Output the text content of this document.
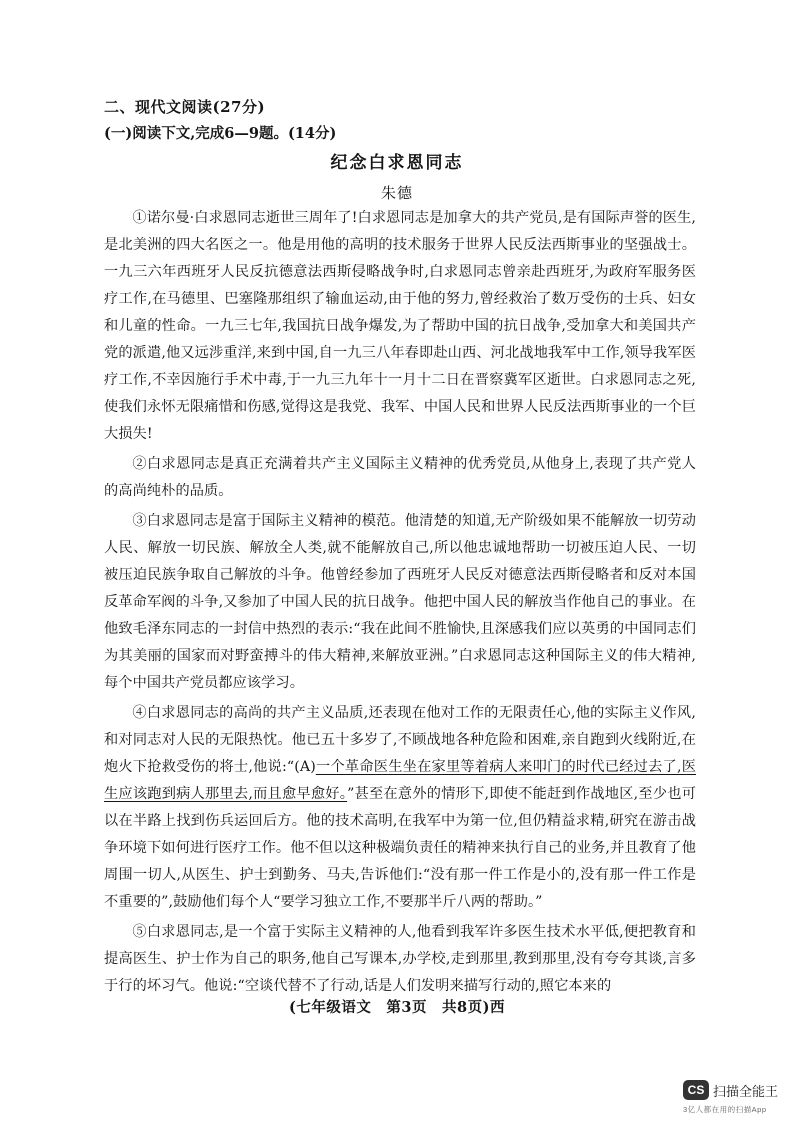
二、现代文阅读(27分)
(一)阅读下文,完成6—9题。(14分)
纪念白求恩同志
朱德

①诺尔曼·白求恩同志逝世三周年了!白求恩同志是加拿大的共产党员,是有国际声誉的医生,是北美洲的四大名医之一。他是用他的高明的技术服务于世界人民反法西斯事业的坚强战士。一九三六年西班牙人民反抗德意法西斯侵略战争时,白求恩同志曾亲赴西班牙,为政府军服务医疗工作,在马德里、巴塞隆那组织了输血运动,由于他的努力,曾经救治了数万受伤的士兵、妇女和儿童的性命。一九三七年,我国抗日战争爆发,为了帮助中国的抗日战争,受加拿大和美国共产党的派遣,他又远涉重洋,来到中国,自一九三八年春即赴山西、河北战地我军中工作,领导我军医疗工作,不幸因施行手术中毒,于一九三九年十一月十二日在晋察冀军区逝世。白求恩同志之死,使我们永怀无限痛惜和伤感,觉得这是我党、我军、中国人民和世界人民反法西斯事业的一个巨大损失!

②白求恩同志是真正充满着共产主义国际主义精神的优秀党员,从他身上,表现了共产党人的高尚纯朴的品质。

③白求恩同志是富于国际主义精神的模范。他清楚的知道,无产阶级如果不能解放一切劳动人民、解放一切民族、解放全人类,就不能解放自己,所以他忠诚地帮助一切被压迫人民、一切被压迫民族争取自己解放的斗争。他曾经参加了西班牙人民反对德意法西斯侵略者和反对本国反革命军阀的斗争,又参加了中国人民的抗日战争。他把中国人民的解放当作他自己的事业。在他致毛泽东同志的一封信中热烈的表示:“我在此间不胜愉快,且深感我们应以英勇的中国同志们为其美丽的国家而对野蛮搏斗的伟大精神,来解放亚洲。”白求恩同志这种国际主义的伟大精神,每个中国共产党员都应该学习。

④白求恩同志的高尚的共产主义品质,还表现在他对工作的无限责任心,他的实际主义作风,和对同志对人民的无限热忱。他已五十多岁了,不顾战地各种危险和困难,亲自跑到火线附近,在炮火下抢救受伤的将士,他说:“(A)一个革命医生坐在家里等着病人来叩门的时代已经过去了,医生应该跑到病人那里去,而且愈早愈好。”甚至在意外的情形下,即使不能赶到作战地区,至少也可以在半路上找到伤兵运回后方。他的技术高明,在我军中为第一位,但仍精益求精,研究在游击战争环境下如何进行医疗工作。他不但以这种极端负责任的精神来执行自己的业务,并且教育了他周围一切人,从医生、护士到勤务、马夫,告诉他们:“没有那一件工作是小的,没有那一件工作是不重要的”,鼓励他们每个人“要学习独立工作,不要那半斤八两的帮助。”

⑤白求恩同志,是一个富于实际主义精神的人,他看到我军许多医生技术水平低,便把教育和提高医生、护士作为自己的职务,他自己写课本,办学校,走到那里,教到那里,没有夸夸其谈,言多于行的坏习气。他说:“空谈代替不了行动,话是人们发明来描写行动的,照它本来的

(七年级语文　第3页　共8页)西
CS 扫描全能王
3亿人都在用的扫描App
